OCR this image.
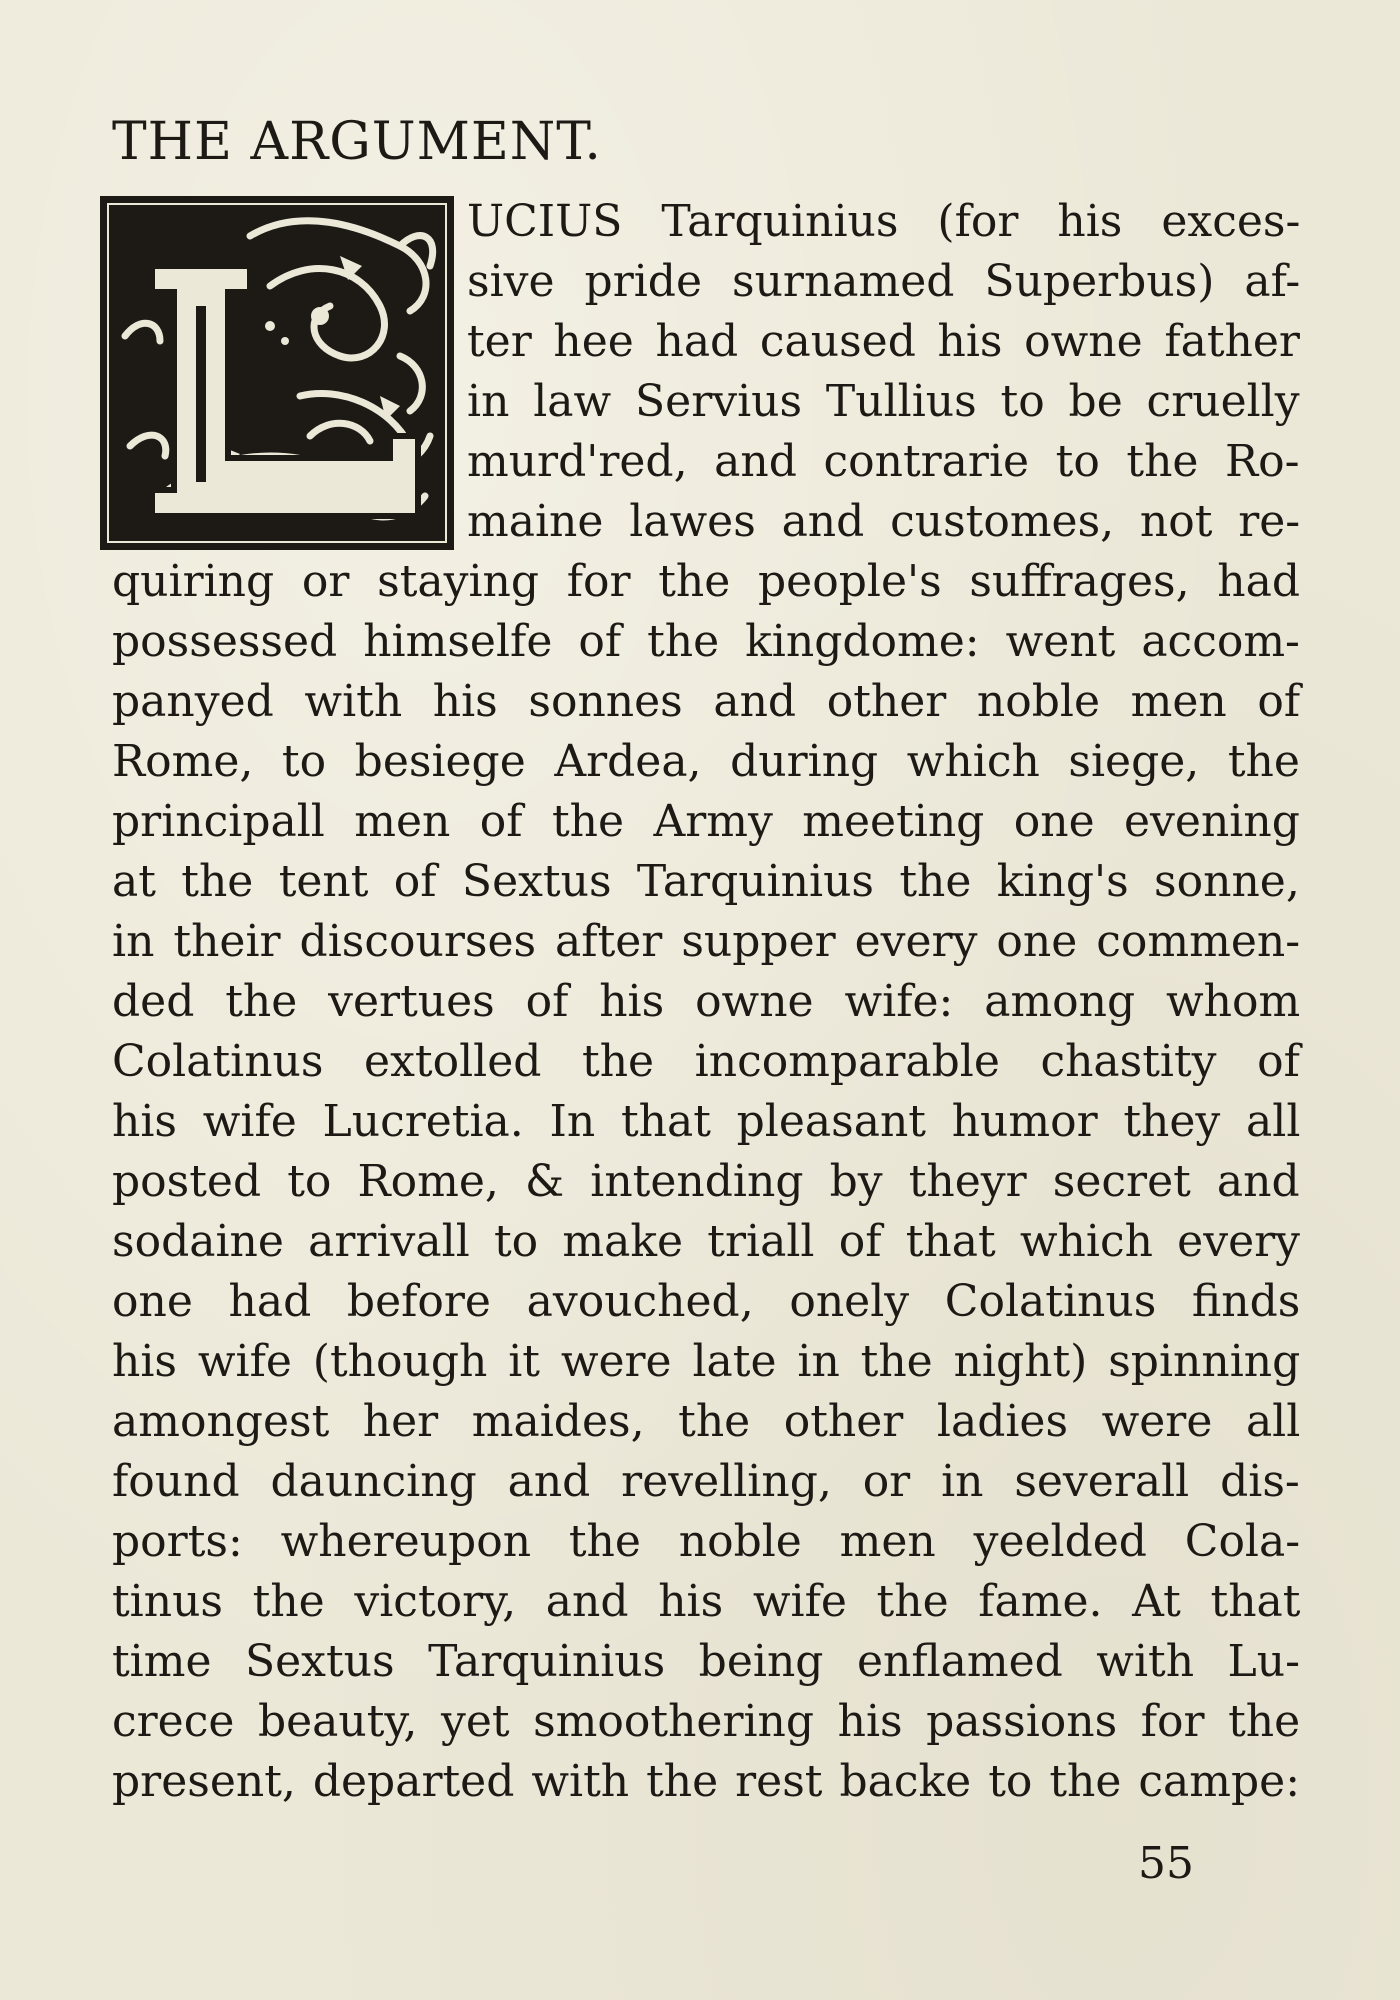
THE ARGUMENT.
UCIUS Tarquinius (for his exces-
sive pride surnamed Superbus) af-
ter hee had caused his owne father
in law Servius Tullius to be cruelly
murd'red, and contrarie to the Ro-
maine lawes and customes, not re-
quiring or staying for the people's suffrages, had
possessed himselfe of the kingdome: went accom-
panyed with his sonnes and other noble men of
Rome, to besiege Ardea, during which siege, the
principall men of the Army meeting one evening
at the tent of Sextus Tarquinius the king's sonne,
in their discourses after supper every one commen-
ded the vertues of his owne wife: among whom
Colatinus extolled the incomparable chastity of
his wife Lucretia. In that pleasant humor they all
posted to Rome, & intending by theyr secret and
sodaine arrivall to make triall of that which every
one had before avouched, onely Colatinus finds
his wife (though it were late in the night) spinning
amongest her maides, the other ladies were all
found dauncing and revelling, or in severall dis-
ports: whereupon the noble men yeelded Cola-
tinus the victory, and his wife the fame. At that
time Sextus Tarquinius being enflamed with Lu-
crece beauty, yet smoothering his passions for the
present, departed with the rest backe to the campe:
55
